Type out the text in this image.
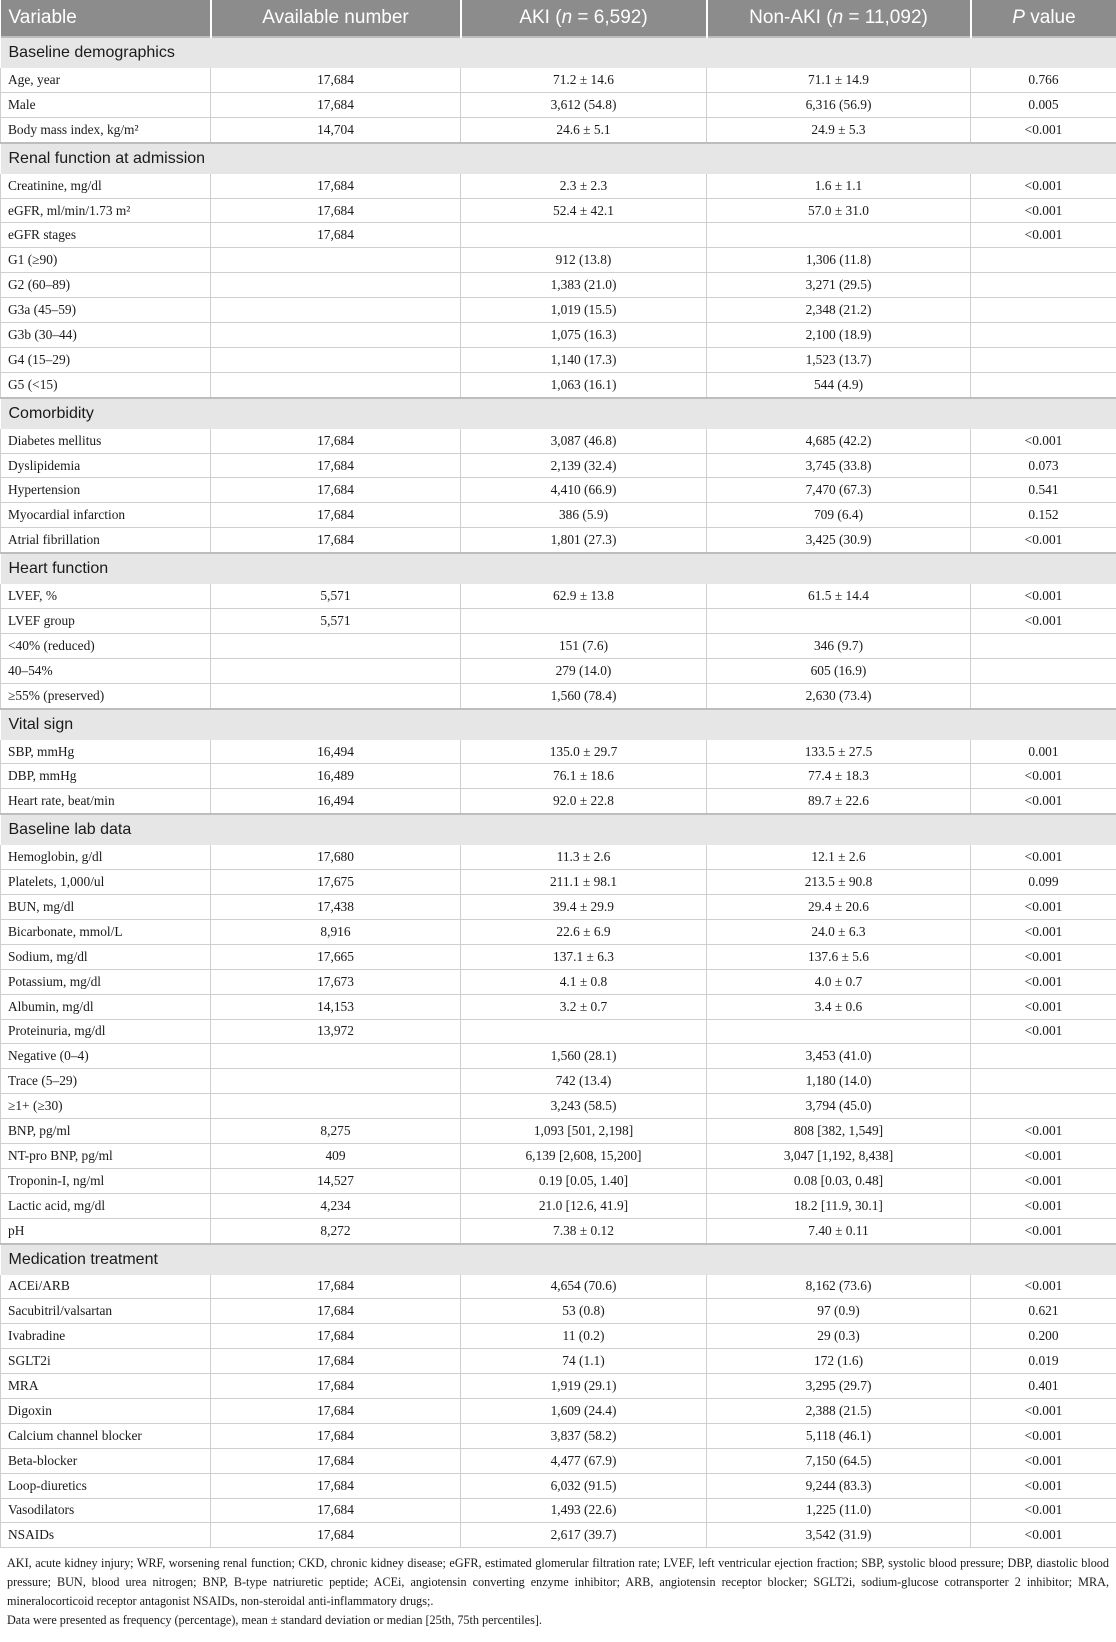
Variable	Available number	AKI (n = 6,592)	Non-AKI (n = 11,092)	P value
Baseline demographics				
Age, year	17,684	71.2 ± 14.6	71.1 ± 14.9	0.766
Male	17,684	3,612 (54.8)	6,316 (56.9)	0.005
Body mass index, kg/m²	14,704	24.6 ± 5.1	24.9 ± 5.3	<0.001
Renal function at admission				
Creatinine, mg/dl	17,684	2.3 ± 2.3	1.6 ± 1.1	<0.001
eGFR, ml/min/1.73 m²	17,684	52.4 ± 42.1	57.0 ± 31.0	<0.001
eGFR stages	17,684			<0.001
G1 (≥90)		912 (13.8)	1,306 (11.8)	
G2 (60–89)		1,383 (21.0)	3,271 (29.5)	
G3a (45–59)		1,019 (15.5)	2,348 (21.2)	
G3b (30–44)		1,075 (16.3)	2,100 (18.9)	
G4 (15–29)		1,140 (17.3)	1,523 (13.7)	
G5 (<15)		1,063 (16.1)	544 (4.9)	
Comorbidity				
Diabetes mellitus	17,684	3,087 (46.8)	4,685 (42.2)	<0.001
Dyslipidemia	17,684	2,139 (32.4)	3,745 (33.8)	0.073
Hypertension	17,684	4,410 (66.9)	7,470 (67.3)	0.541
Myocardial infarction	17,684	386 (5.9)	709 (6.4)	0.152
Atrial fibrillation	17,684	1,801 (27.3)	3,425 (30.9)	<0.001
Heart function				
LVEF, %	5,571	62.9 ± 13.8	61.5 ± 14.4	<0.001
LVEF group	5,571			<0.001
<40% (reduced)		151 (7.6)	346 (9.7)	
40–54%		279 (14.0)	605 (16.9)	
≥55% (preserved)		1,560 (78.4)	2,630 (73.4)	
Vital sign				
SBP, mmHg	16,494	135.0 ± 29.7	133.5 ± 27.5	0.001
DBP, mmHg	16,489	76.1 ± 18.6	77.4 ± 18.3	<0.001
Heart rate, beat/min	16,494	92.0 ± 22.8	89.7 ± 22.6	<0.001
Baseline lab data				
Hemoglobin, g/dl	17,680	11.3 ± 2.6	12.1 ± 2.6	<0.001
Platelets, 1,000/ul	17,675	211.1 ± 98.1	213.5 ± 90.8	0.099
BUN, mg/dl	17,438	39.4 ± 29.9	29.4 ± 20.6	<0.001
Bicarbonate, mmol/L	8,916	22.6 ± 6.9	24.0 ± 6.3	<0.001
Sodium, mg/dl	17,665	137.1 ± 6.3	137.6 ± 5.6	<0.001
Potassium, mg/dl	17,673	4.1 ± 0.8	4.0 ± 0.7	<0.001
Albumin, mg/dl	14,153	3.2 ± 0.7	3.4 ± 0.6	<0.001
Proteinuria, mg/dl	13,972			<0.001
Negative (0–4)		1,560 (28.1)	3,453 (41.0)	
Trace (5–29)		742 (13.4)	1,180 (14.0)	
≥1+ (≥30)		3,243 (58.5)	3,794 (45.0)	
BNP, pg/ml	8,275	1,093 [501, 2,198]	808 [382, 1,549]	<0.001
NT-pro BNP, pg/ml	409	6,139 [2,608, 15,200]	3,047 [1,192, 8,438]	<0.001
Troponin-I, ng/ml	14,527	0.19 [0.05, 1.40]	0.08 [0.03, 0.48]	<0.001
Lactic acid, mg/dl	4,234	21.0 [12.6, 41.9]	18.2 [11.9, 30.1]	<0.001
pH	8,272	7.38 ± 0.12	7.40 ± 0.11	<0.001
Medication treatment				
ACEi/ARB	17,684	4,654 (70.6)	8,162 (73.6)	<0.001
Sacubitril/valsartan	17,684	53 (0.8)	97 (0.9)	0.621
Ivabradine	17,684	11 (0.2)	29 (0.3)	0.200
SGLT2i	17,684	74 (1.1)	172 (1.6)	0.019
MRA	17,684	1,919 (29.1)	3,295 (29.7)	0.401
Digoxin	17,684	1,609 (24.4)	2,388 (21.5)	<0.001
Calcium channel blocker	17,684	3,837 (58.2)	5,118 (46.1)	<0.001
Beta-blocker	17,684	4,477 (67.9)	7,150 (64.5)	<0.001
Loop-diuretics	17,684	6,032 (91.5)	9,244 (83.3)	<0.001
Vasodilators	17,684	1,493 (22.6)	1,225 (11.0)	<0.001
NSAIDs	17,684	2,617 (39.7)	3,542 (31.9)	<0.001

AKI, acute kidney injury; WRF, worsening renal function; CKD, chronic kidney disease; eGFR, estimated glomerular filtration rate; LVEF, left ventricular ejection fraction; SBP, systolic blood pressure; DBP, diastolic blood pressure; BUN, blood urea nitrogen; BNP, B-type natriuretic peptide; ACEi, angiotensin converting enzyme inhibitor; ARB, angiotensin receptor blocker; SGLT2i, sodium-glucose cotransporter 2 inhibitor; MRA, mineralocorticoid receptor antagonist NSAIDs, non-steroidal anti-inflammatory drugs;.

Data were presented as frequency (percentage), mean ± standard deviation or median [25th, 75th percentiles].
